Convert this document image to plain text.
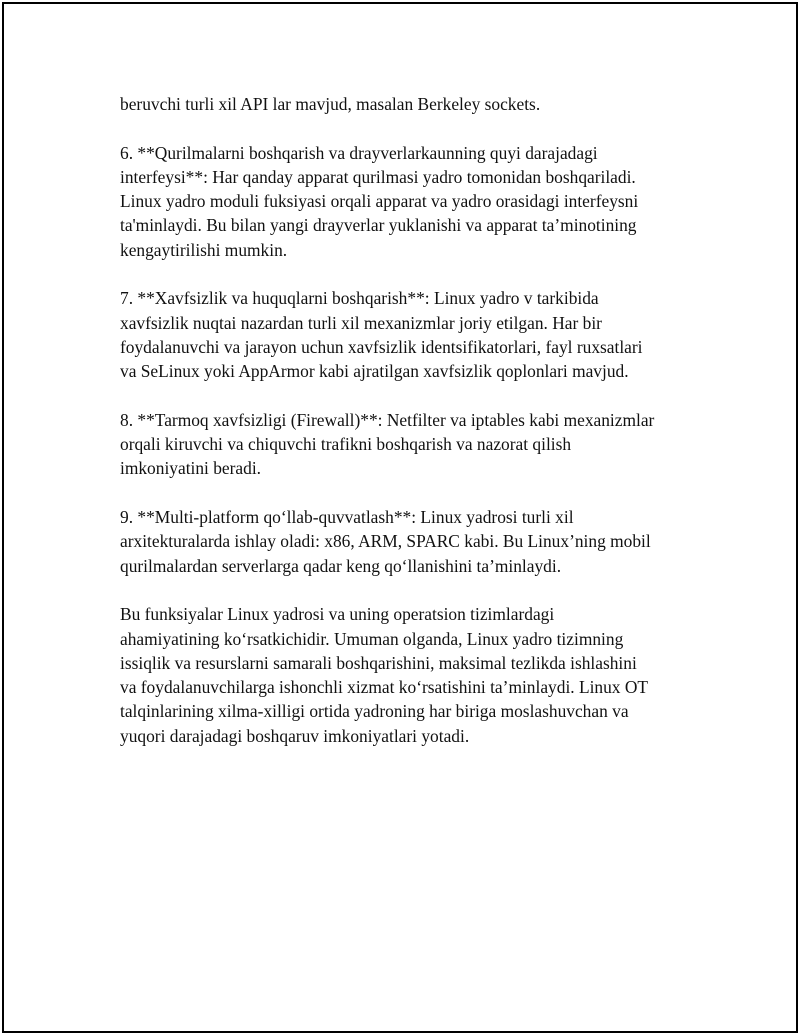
beruvchi turli xil API lar mavjud, masalan Berkeley sockets.

6. **Qurilmalarni boshqarish va drayverlarkaunning quyi darajadagi
interfeysi**: Har qanday apparat qurilmasi yadro tomonidan boshqariladi.
Linux yadro moduli fuksiyasi orqali apparat va yadro orasidagi interfeysni
ta'minlaydi. Bu bilan yangi drayverlar yuklanishi va apparat ta’minotining
kengaytirilishi mumkin.

7. **Xavfsizlik va huquqlarni boshqarish**: Linux yadro v tarkibida
xavfsizlik nuqtai nazardan turli xil mexanizmlar joriy etilgan. Har bir
foydalanuvchi va jarayon uchun xavfsizlik identsifikatorlari, fayl ruxsatlari
va SeLinux yoki AppArmor kabi ajratilgan xavfsizlik qoplonlari mavjud.

8. **Tarmoq xavfsizligi (Firewall)**: Netfilter va iptables kabi mexanizmlar
orqali kiruvchi va chiquvchi trafikni boshqarish va nazorat qilish
imkoniyatini beradi.

9. **Multi-platform qo‘llab-quvvatlash**: Linux yadrosi turli xil
arxitekturalarda ishlay oladi: x86, ARM, SPARC kabi. Bu Linux’ning mobil
qurilmalardan serverlarga qadar keng qo‘llanishini ta’minlaydi.

Bu funksiyalar Linux yadrosi va uning operatsion tizimlardagi
ahamiyatining ko‘rsatkichidir. Umuman olganda, Linux yadro tizimning
issiqlik va resurslarni samarali boshqarishini, maksimal tezlikda ishlashini
va foydalanuvchilarga ishonchli xizmat ko‘rsatishini ta’minlaydi. Linux OT
talqinlarining xilma-xilligi ortida yadroning har biriga moslashuvchan va
yuqori darajadagi boshqaruv imkoniyatlari yotadi.
